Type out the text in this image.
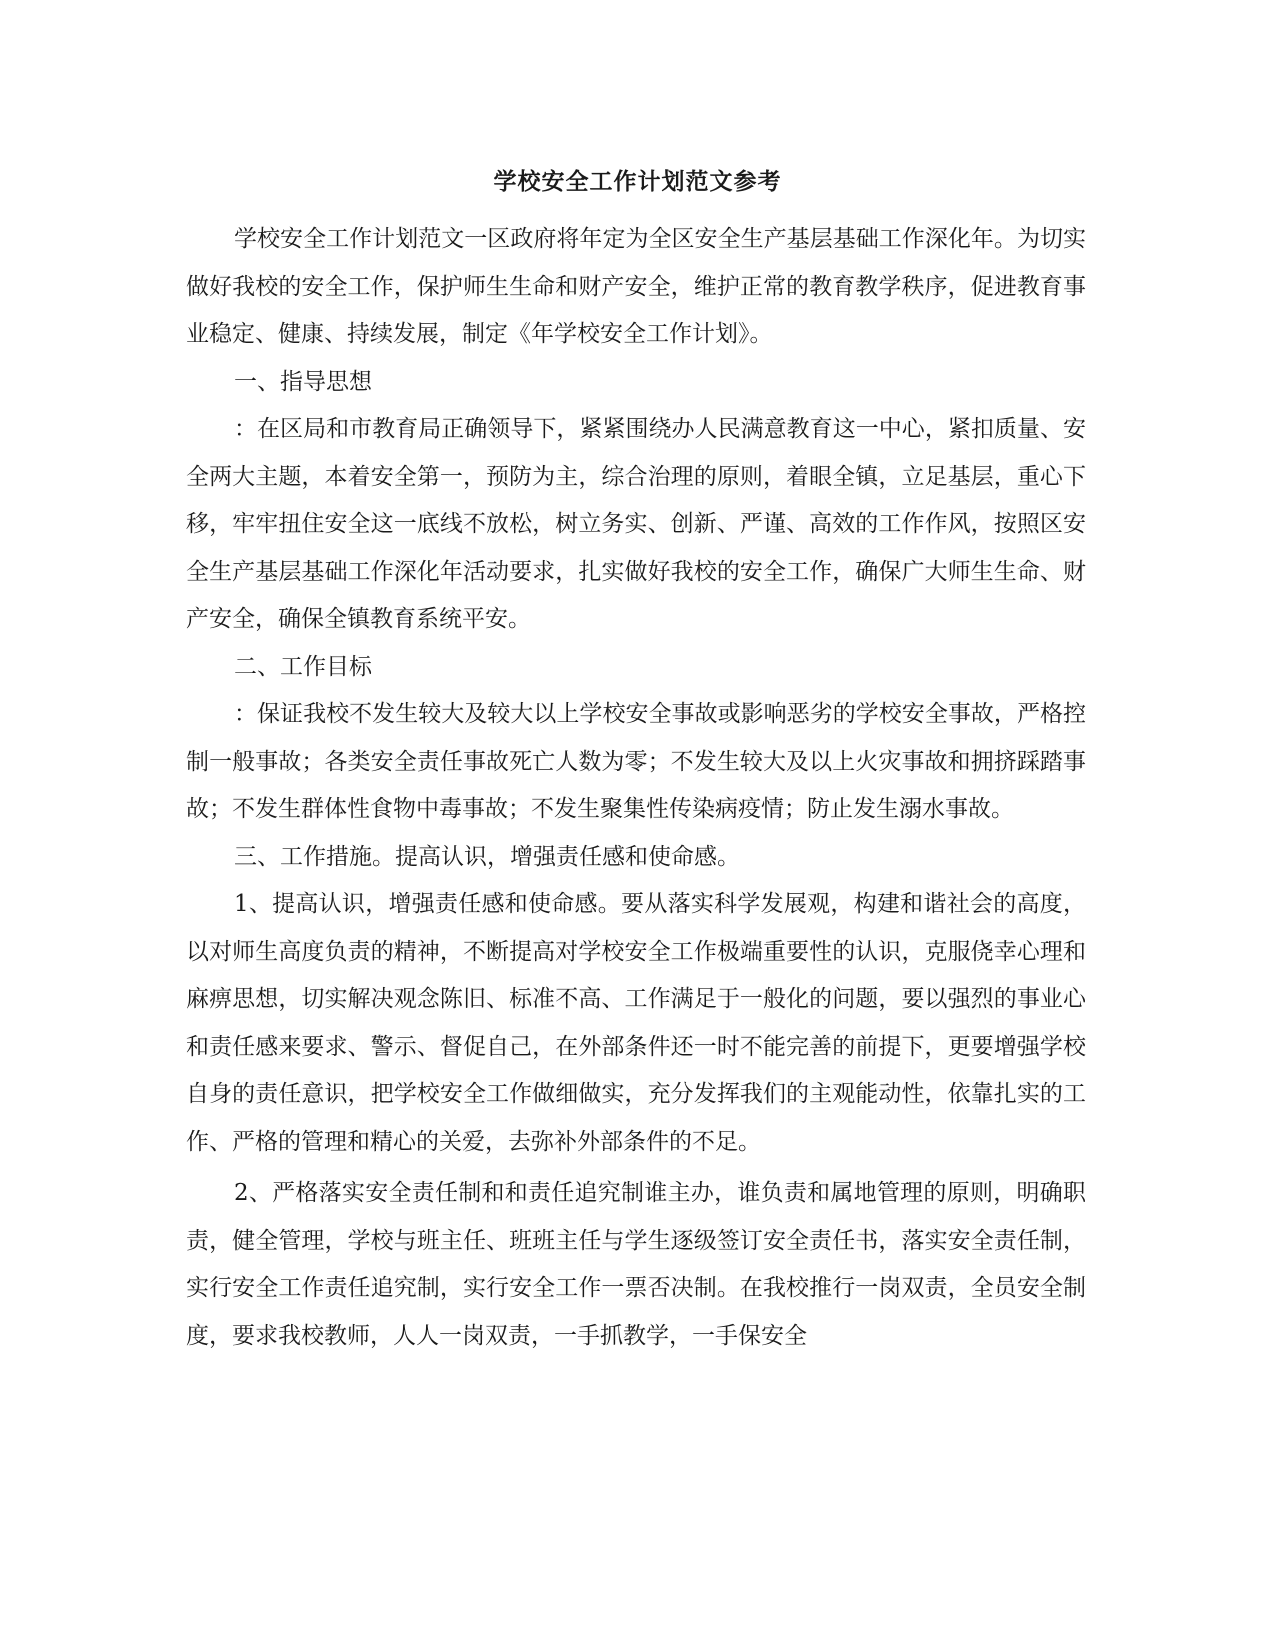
学校安全工作计划范文参考

学校安全工作计划范文一区政府将年定为全区安全生产基层基础工作深化年。为切实做好我校的安全工作，保护师生生命和财产安全，维护正常的教育教学秩序，促进教育事业稳定、健康、持续发展，制定《年学校安全工作计划》。

一、指导思想

：在区局和市教育局正确领导下，紧紧围绕办人民满意教育这一中心，紧扣质量、安全两大主题，本着安全第一，预防为主，综合治理的原则，着眼全镇，立足基层，重心下移，牢牢扭住安全这一底线不放松，树立务实、创新、严谨、高效的工作作风，按照区安全生产基层基础工作深化年活动要求，扎实做好我校的安全工作，确保广大师生生命、财产安全，确保全镇教育系统平安。

二、工作目标

：保证我校不发生较大及较大以上学校安全事故或影响恶劣的学校安全事故，严格控制一般事故；各类安全责任事故死亡人数为零；不发生较大及以上火灾事故和拥挤踩踏事故；不发生群体性食物中毒事故；不发生聚集性传染病疫情；防止发生溺水事故。

三、工作措施。提高认识，增强责任感和使命感。

1、提高认识，增强责任感和使命感。要从落实科学发展观，构建和谐社会的高度，以对师生高度负责的精神，不断提高对学校安全工作极端重要性的认识，克服侥幸心理和麻痹思想，切实解决观念陈旧、标准不高、工作满足于一般化的问题，要以强烈的事业心和责任感来要求、警示、督促自己，在外部条件还一时不能完善的前提下，更要增强学校自身的责任意识，把学校安全工作做细做实，充分发挥我们的主观能动性，依靠扎实的工作、严格的管理和精心的关爱，去弥补外部条件的不足。

2、严格落实安全责任制和和责任追究制谁主办，谁负责和属地管理的原则，明确职责，健全管理，学校与班主任、班班主任与学生逐级签订安全责任书，落实安全责任制，实行安全工作责任追究制，实行安全工作一票否决制。在我校推行一岗双责，全员安全制度，要求我校教师，人人一岗双责，一手抓教学，一手保安全
